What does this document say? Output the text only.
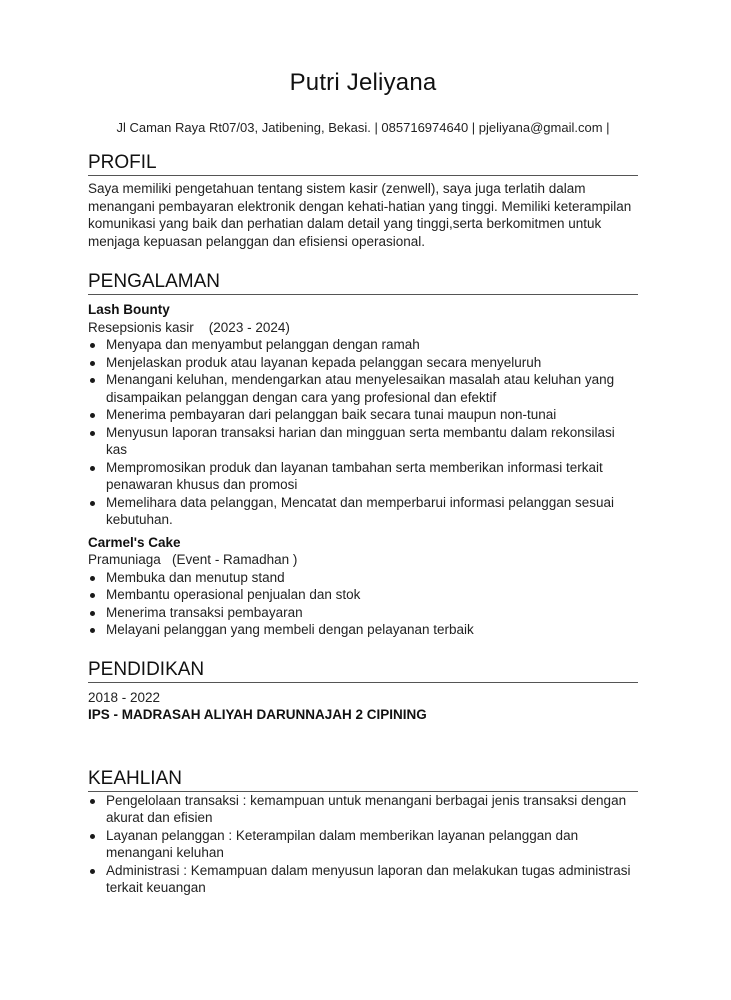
Putri Jeliyana
Jl Caman Raya Rt07/03, Jatibening, Bekasi. | 085716974640 | pjeliyana@gmail.com |
PROFIL

Saya memiliki pengetahuan tentang sistem kasir (zenwell), saya juga terlatih dalam menangani pembayaran elektronik dengan kehati-hatian yang tinggi. Memiliki keterampilan komunikasi yang baik dan perhatian dalam detail yang tinggi,serta berkomitmen untuk menjaga kepuasan pelanggan dan efisiensi operasional.

PENGALAMAN
Lash Bounty
Resepsionis kasir    (2023 - 2024)
Menyapa dan menyambut pelanggan dengan ramah
Menjelaskan produk atau layanan kepada pelanggan secara menyeluruh
Menangani keluhan, mendengarkan atau menyelesaikan masalah atau keluhan yang disampaikan pelanggan dengan cara yang profesional dan efektif
Menerima pembayaran dari pelanggan baik secara tunai maupun non-tunai
Menyusun laporan transaksi harian dan mingguan serta membantu dalam rekonsilasi kas
Mempromosikan produk dan layanan tambahan serta memberikan informasi terkait penawaran khusus dan promosi
Memelihara data pelanggan, Mencatat dan memperbarui informasi pelanggan sesuai kebutuhan.
Carmel's Cake
Pramuniaga   (Event - Ramadhan )
Membuka dan menutup stand
Membantu operasional penjualan dan stok
Menerima transaksi pembayaran
Melayani pelanggan yang membeli dengan pelayanan terbaik
PENDIDIKAN
2018 - 2022
IPS - MADRASAH ALIYAH DARUNNAJAH 2 CIPINING
KEAHLIAN
Pengelolaan transaksi : kemampuan untuk menangani berbagai jenis transaksi dengan akurat dan efisien
Layanan pelanggan : Keterampilan dalam memberikan layanan pelanggan dan menangani keluhan
Administrasi : Kemampuan dalam menyusun laporan dan melakukan tugas administrasi terkait keuangan
